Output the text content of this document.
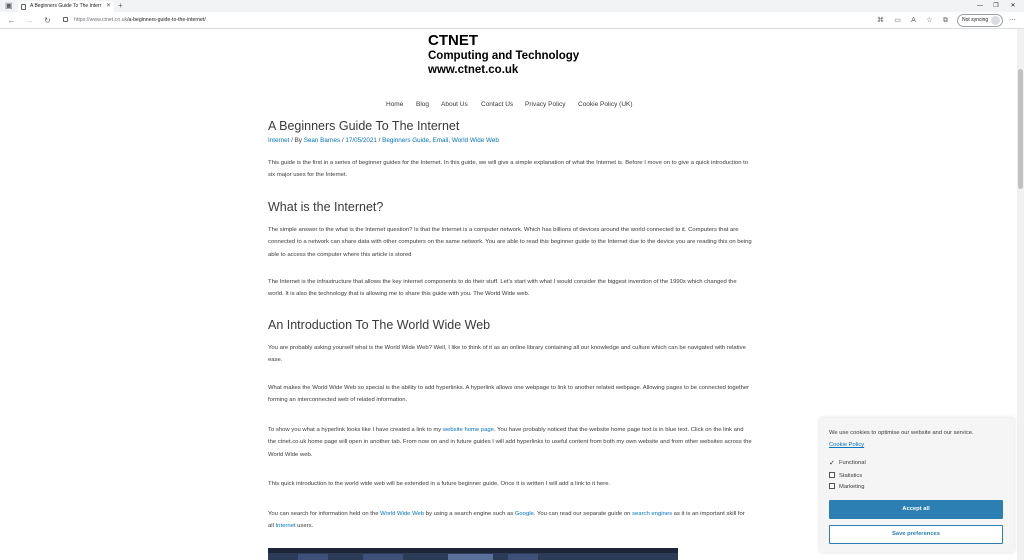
▣	A Beginners Guide To The Interr ✕ +	—	❐	✕
← → ↻	https://www.ctnet.co.uk/a-beginners-guide-to-the-internet/	⌘ ▭	A	☆ ⧉	Not syncing	⋯
CTNET
Computing and Technology
www.ctnet.co.uk
Home Blog About Us Contact Us Privacy Policy Cookie Policy (UK)
A Beginners Guide To The Internet
Internet / By Sean Barnes / 17/05/2021 / Beginners Guide, Email, World Wide Web

This guide is the first in a series of beginner guides for the Internet. In this guide, we will give a simple explanation of what the Internet is. Before I move on to give a quick introduction to six major uses for the Internet.

What is the Internet?

The simple answer to the what is the Internet question? Is that the Internet is a computer network. Which has billions of devices around the world connected to it. Computers that are connected to a network can share data with other computers on the same network. You are able to read this beginner guide to the Internet due to the device you are reading this on being able to access the computer where this article is stored

The Internet is the infrastructure that allows the key internet components to do their stuff. Let's start with what I would consider the biggest invention of the 1990s which changed the world. It is also the technology that is allowing me to share this guide with you. The World Wide web.

An Introduction To The World Wide Web

You are probably asking yourself what is the World Wide Web? Well, I like to think of it as an online library containing all our knowledge and culture which can be navigated with relative ease.

What makes the World Wide Web so special is the ability to add hyperlinks. A hyperlink allows one webpage to link to another related webpage. Allowing pages to be connected together forming an interconnected web of related information.

To show you what a hyperlink looks like I have created a link to my website home page. You have probably noticed that the website home page text is in blue text. Click on the link and the ctnet.co.uk home page will open in another tab. From now on and in future guides I will add hyperlinks to useful content from both my own website and from other websites across the World Wide web.

This quick introduction to the world wide web will be extended in a future beginner guide. Once it is written I will add a link to it here.

You can search for information held on the World Wide Web by using a search engine such as Google. You can read our separate guide on search engines as it is an important skill for all Internet users.

We use cookies to optimise our website and our service.
Cookie Policy
✓ Functional
Statistics
Marketing
Accept all
Save preferences
